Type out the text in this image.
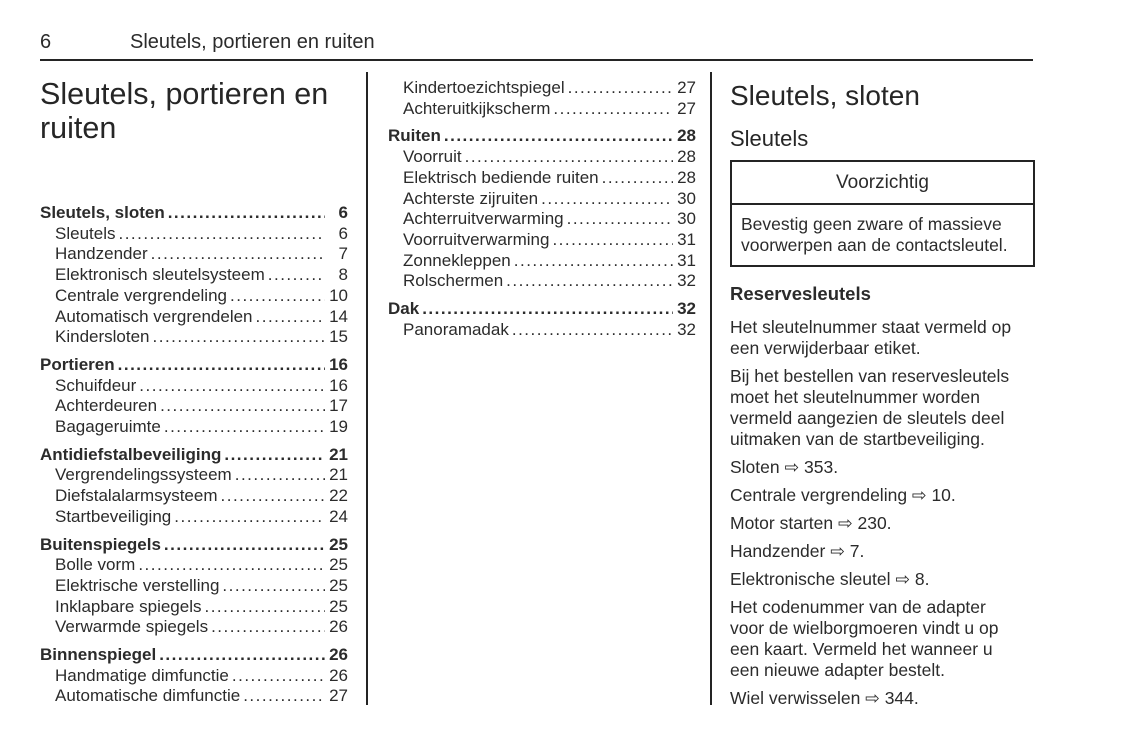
6	Sleutels, portieren en ruiten
Sleutels, portieren en ruiten
Sleutels, sloten .....	6
Sleutels .....	6
Handzender .....	7
Elektronisch sleutelsysteem .....	8
Centrale vergrendeling .....	10
Automatisch vergrendelen .....	14
Kindersloten .....	15
Portieren .....	16
Schuifdeur .....	16
Achterdeuren .....	17
Bagageruimte .....	19
Antidiefstalbeveiliging .....	21
Vergrendelingssysteem .....	21
Diefstalalarmsysteem .....	22
Startbeveiliging .....	24
Buitenspiegels .....	25
Bolle vorm .....	25
Elektrische verstelling .....	25
Inklapbare spiegels .....	25
Verwarmde spiegels .....	26
Binnenspiegel .....	26
Handmatige dimfunctie .....	26
Automatische dimfunctie .....	27
Kindertoezichtspiegel .....	27
Achteruitkijkscherm .....	27
Ruiten .....	28
Voorruit .....	28
Elektrisch bediende ruiten .....	28
Achterste zijruiten .....	30
Achterruitverwarming .....	30
Voorruitverwarming .....	31
Zonnekleppen .....	31
Rolschermen .....	32
Dak .....	32
Panoramadak .....	32
Sleutels, sloten
Sleutels
Voorzichtig
Bevestig geen zware of massieve voorwerpen aan de contactsleutel.
Reservesleutels

Het sleutelnummer staat vermeld op een verwijderbaar etiket.

Bij het bestellen van reservesleutels moet het sleutelnummer worden vermeld aangezien de sleutels deel uitmaken van de startbeveiliging.

Sloten ⇨ 353.

Centrale vergrendeling ⇨ 10.

Motor starten ⇨ 230.

Handzender ⇨ 7.

Elektronische sleutel ⇨ 8.

Het codenummer van de adapter voor de wielborgmoeren vindt u op een kaart. Vermeld het wanneer u een nieuwe adapter bestelt.

Wiel verwisselen ⇨ 344.
